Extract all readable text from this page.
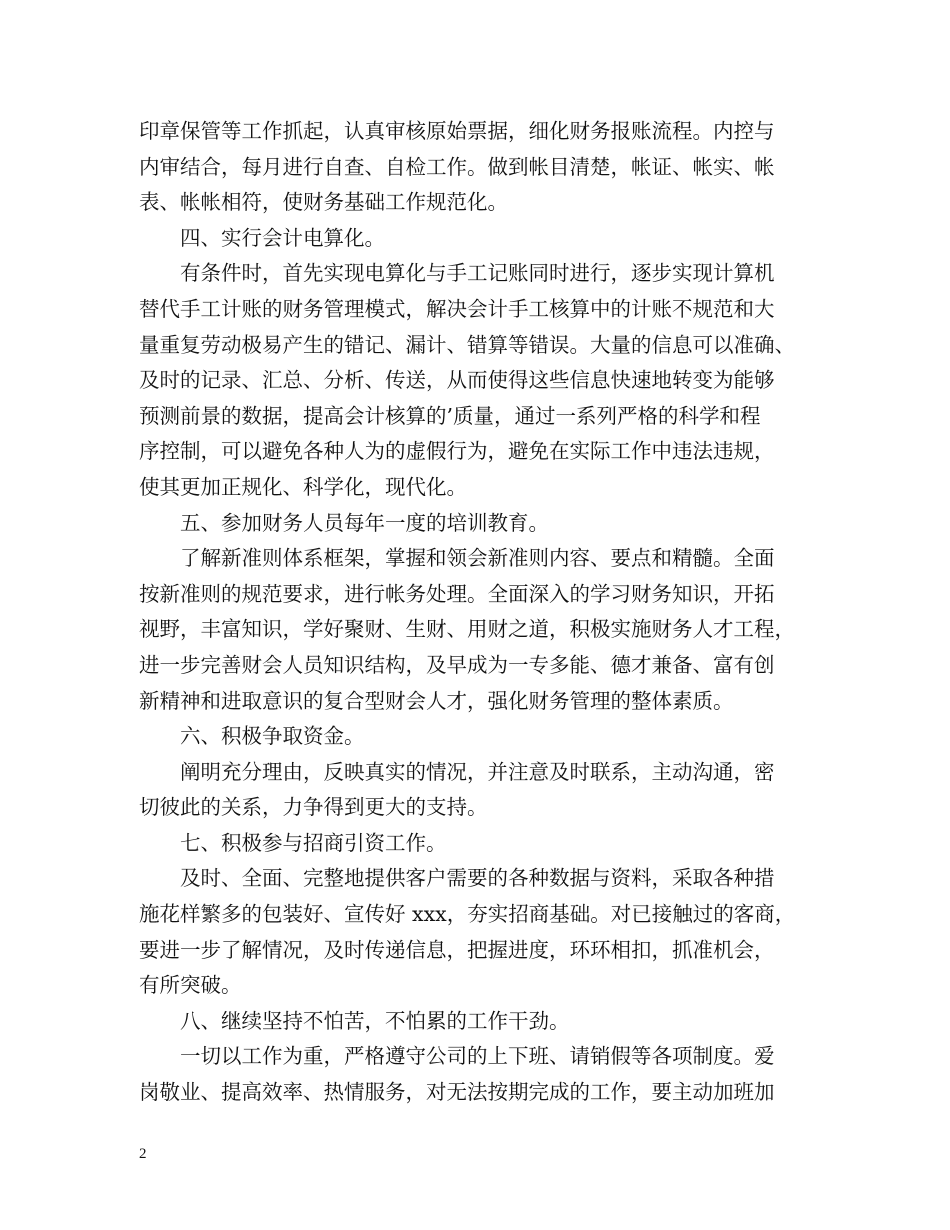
印章保管等工作抓起，认真审核原始票据，细化财务报账流程。内控与
内审结合，每月进行自查、自检工作。做到帐目清楚，帐证、帐实、帐
表、帐帐相符，使财务基础工作规范化。
四、实行会计电算化。
有条件时，首先实现电算化与手工记账同时进行，逐步实现计算机
替代手工计账的财务管理模式，解决会计手工核算中的计账不规范和大
量重复劳动极易产生的错记、漏计、错算等错误。大量的信息可以准确、
及时的记录、汇总、分析、传送，从而使得这些信息快速地转变为能够
预测前景的数据，提高会计核算的’质量，通过一系列严格的科学和程
序控制，可以避免各种人为的虚假行为，避免在实际工作中违法违规，
使其更加正规化、科学化，现代化。
五、参加财务人员每年一度的培训教育。
了解新准则体系框架，掌握和领会新准则内容、要点和精髓。全面
按新准则的规范要求，进行帐务处理。全面深入的学习财务知识，开拓
视野，丰富知识，学好聚财、生财、用财之道，积极实施财务人才工程，
进一步完善财会人员知识结构，及早成为一专多能、德才兼备、富有创
新精神和进取意识的复合型财会人才，强化财务管理的整体素质。
六、积极争取资金。
阐明充分理由，反映真实的情况，并注意及时联系，主动沟通，密
切彼此的关系，力争得到更大的支持。
七、积极参与招商引资工作。
及时、全面、完整地提供客户需要的各种数据与资料，采取各种措
施花样繁多的包装好、宣传好 xxx，夯实招商基础。对已接触过的客商，
要进一步了解情况，及时传递信息，把握进度，环环相扣，抓准机会，
有所突破。
八、继续坚持不怕苦，不怕累的工作干劲。
一切以工作为重，严格遵守公司的上下班、请销假等各项制度。爱
岗敬业、提高效率、热情服务，对无法按期完成的工作，要主动加班加
2
